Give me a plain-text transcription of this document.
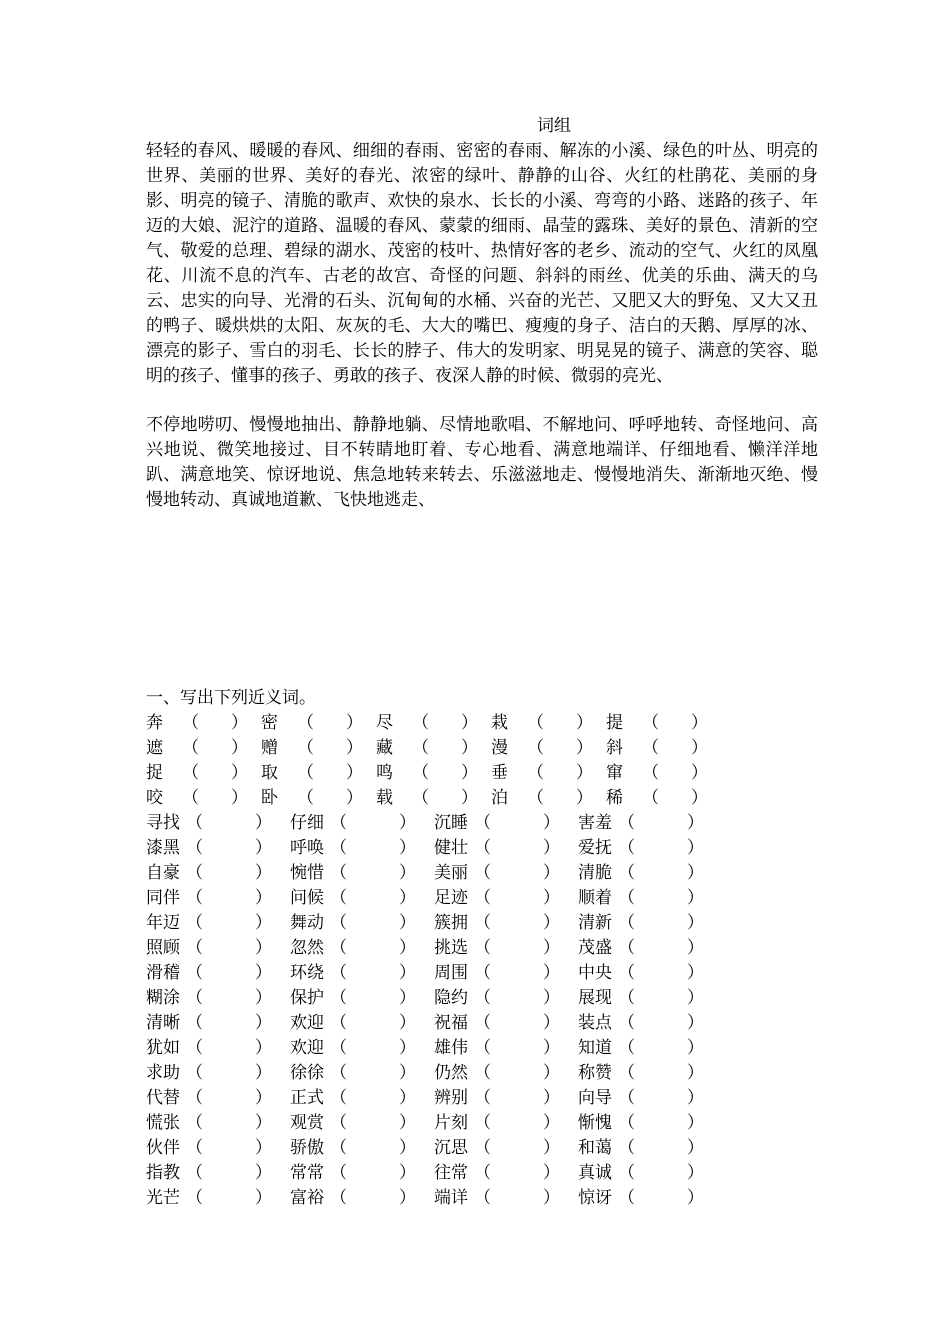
词组
轻轻的春风、暖暖的春风、细细的春雨、密密的春雨、解冻的小溪、绿色的叶丛、明亮的世界、美丽的世界、美好的春光、浓密的绿叶、静静的山谷、火红的杜鹃花、美丽的身影、明亮的镜子、清脆的歌声、欢快的泉水、长长的小溪、弯弯的小路、迷路的孩子、年迈的大娘、泥泞的道路、温暖的春风、蒙蒙的细雨、晶莹的露珠、美好的景色、清新的空气、敬爱的总理、碧绿的湖水、茂密的枝叶、热情好客的老乡、流动的空气、火红的凤凰花、川流不息的汽车、古老的故宫、奇怪的问题、斜斜的雨丝、优美的乐曲、满天的乌云、忠实的向导、光滑的石头、沉甸甸的水桶、兴奋的光芒、又肥又大的野兔、又大又丑的鸭子、暖烘烘的太阳、灰灰的毛、大大的嘴巴、瘦瘦的身子、洁白的天鹅、厚厚的冰、漂亮的影子、雪白的羽毛、长长的脖子、伟大的发明家、明晃晃的镜子、满意的笑容、聪明的孩子、懂事的孩子、勇敢的孩子、夜深人静的时候、微弱的亮光、
不停地唠叨、慢慢地抽出、静静地躺、尽情地歌唱、不解地问、呼呼地转、奇怪地问、高兴地说、微笑地接过、目不转睛地盯着、专心地看、满意地端详、仔细地看、懒洋洋地趴、满意地笑、惊讶地说、焦急地转来转去、乐滋滋地走、慢慢地消失、渐渐地灭绝、慢慢地转动、真诚地道歉、飞快地逃走、
一、写出下列近义词。
奔	（ ） 密	（ ） 尽	（ ） 栽	（ ） 提	（ ）
遮	（ ） 赠	（ ） 藏	（ ） 漫	（ ） 斜	（ ）
捉	（ ） 取	（ ） 鸣	（ ） 垂	（ ） 窜	（ ）
咬	（ ） 卧	（ ） 载	（ ） 泊	（ ） 稀	（ ）
寻找 （	） 仔细 （	） 沉睡 （	） 害羞 （	）
漆黑 （	） 呼唤 （	） 健壮 （	） 爱抚 （	）
自豪 （	） 惋惜 （	） 美丽 （	） 清脆 （	）
同伴 （	） 问候 （	） 足迹 （	） 顺着 （	）
年迈 （	） 舞动 （	） 簇拥 （	） 清新 （	）
照顾 （	） 忽然 （	） 挑选 （	） 茂盛 （	）
滑稽 （	） 环绕 （	） 周围 （	） 中央 （	）
糊涂 （	） 保护 （	） 隐约 （	） 展现 （	）
清晰 （	） 欢迎 （	） 祝福 （	） 装点 （	）
犹如 （	） 欢迎 （	） 雄伟 （	） 知道 （	）
求助 （	） 徐徐 （	） 仍然 （	） 称赞 （	）
代替 （	） 正式 （	） 辨别 （	） 向导 （	）
慌张 （	） 观赏 （	） 片刻 （	） 惭愧 （	）
伙伴 （	） 骄傲 （	） 沉思 （	） 和蔼 （	）
指教 （	） 常常 （	） 往常 （	） 真诚 （	）
光芒 （	） 富裕 （	） 端详 （	） 惊讶 （	）
